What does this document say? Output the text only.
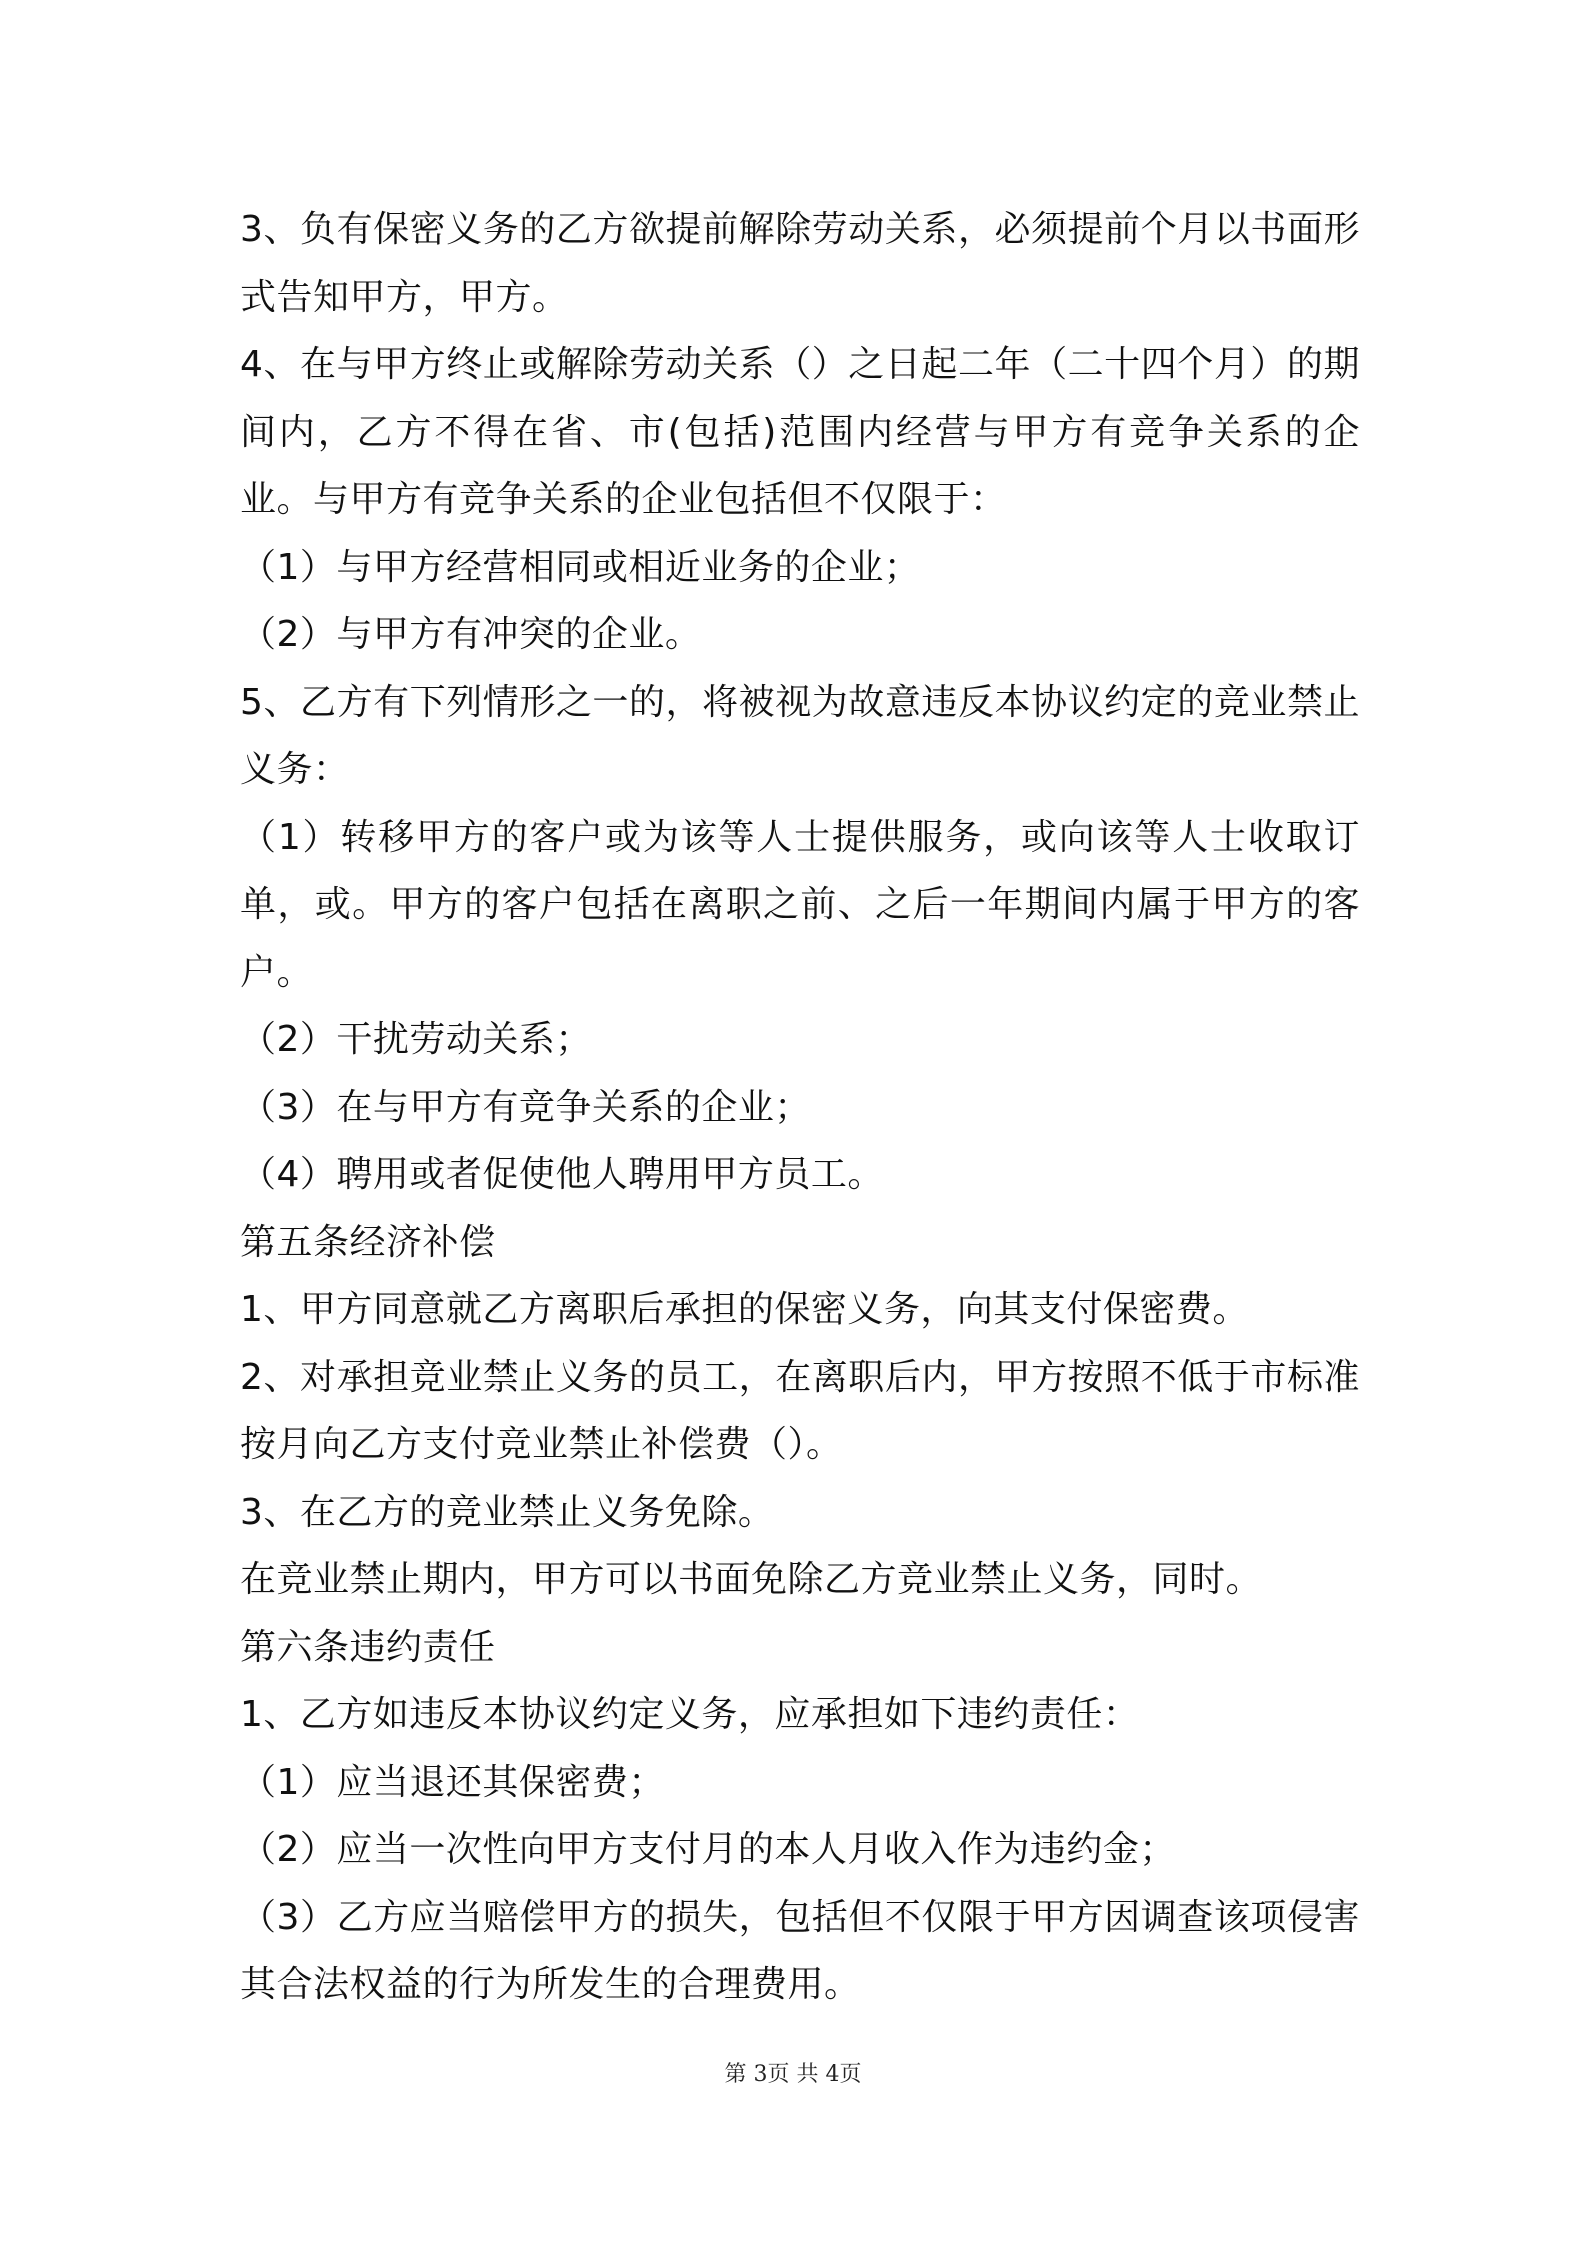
3、负有保密义务的乙方欲提前解除劳动关系，必须提前个月以书面形式告知甲方，甲方。

4、在与甲方终止或解除劳动关系（）之日起二年（二十四个月）的期间内，乙方不得在省、市(包括)范围内经营与甲方有竞争关系的企业。与甲方有竞争关系的企业包括但不仅限于：

（1）与甲方经营相同或相近业务的企业；

（2）与甲方有冲突的企业。

5、乙方有下列情形之一的，将被视为故意违反本协议约定的竞业禁止义务：

（1）转移甲方的客户或为该等人士提供服务，或向该等人士收取订单，或。甲方的客户包括在离职之前、之后一年期间内属于甲方的客户。

（2）干扰劳动关系；

（3）在与甲方有竞争关系的企业；

（4）聘用或者促使他人聘用甲方员工。

第五条经济补偿

1、甲方同意就乙方离职后承担的保密义务，向其支付保密费。

2、对承担竞业禁止义务的员工，在离职后内，甲方按照不低于市标准按月向乙方支付竞业禁止补偿费（）。

3、在乙方的竞业禁止义务免除。

在竞业禁止期内，甲方可以书面免除乙方竞业禁止义务，同时。

第六条违约责任

1、乙方如违反本协议约定义务，应承担如下违约责任：

（1）应当退还其保密费；

（2）应当一次性向甲方支付月的本人月收入作为违约金；

（3）乙方应当赔偿甲方的损失，包括但不仅限于甲方因调查该项侵害其合法权益的行为所发生的合理费用。

第 3页 共 4页
